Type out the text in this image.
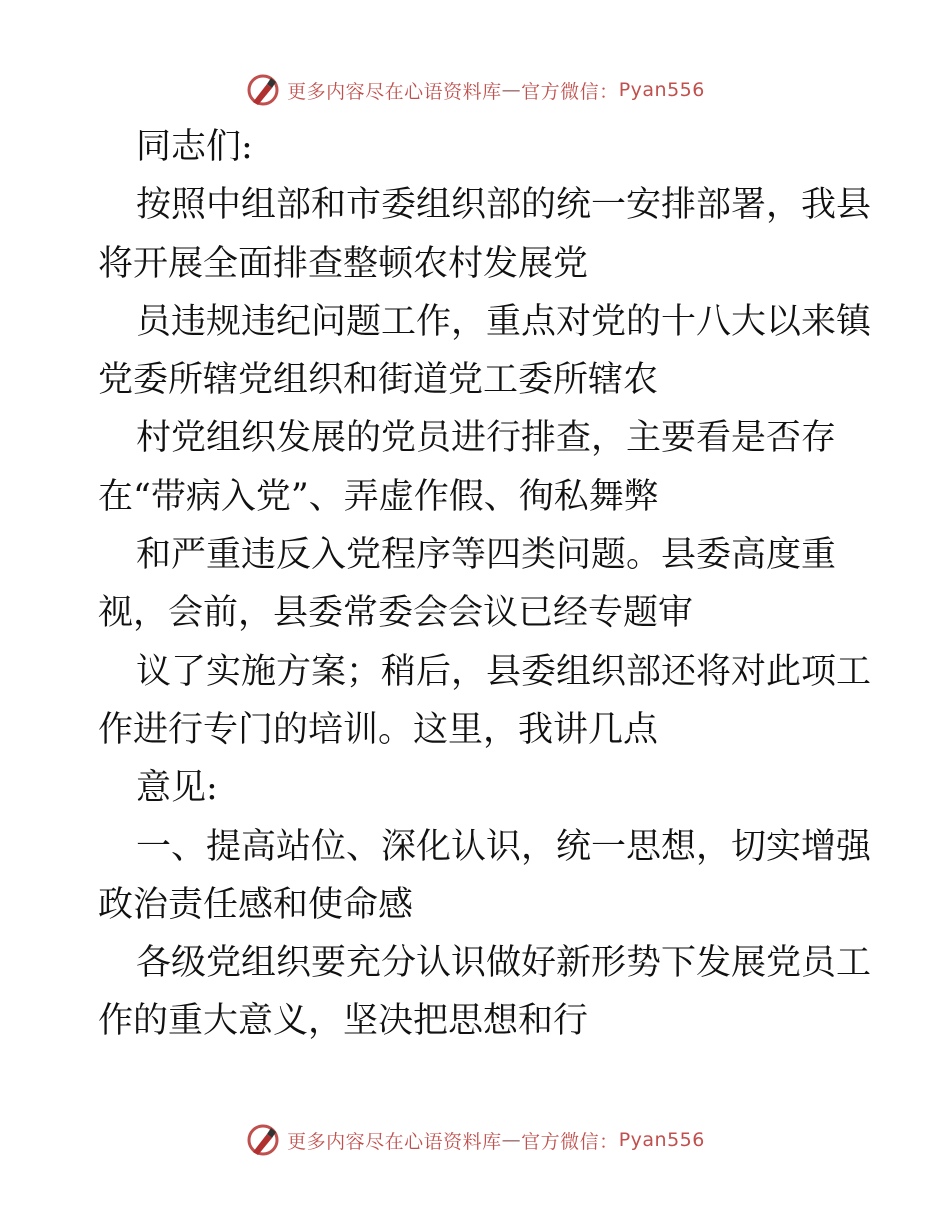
更多内容尽在心语资料库 — 官方微信： Pyan556
同志们:
按照中组部和市委组织部的统一安排部署，我县
将开展全面排查整顿农村发展党
员违规违纪问题工作，重点对党的十八大以来镇
党委所辖党组织和街道党工委所辖农
村党组织发展的党员进行排查，主要看是否存
在“带病入党”、弄虚作假、徇私舞弊
和严重违反入党程序等四类问题。县委高度重
视，会前，县委常委会会议已经专题审
议了实施方案；稍后，县委组织部还将对此项工
作进行专门的培训。这里，我讲几点
意见:
一、提高站位、深化认识，统一思想，切实增强
政治责任感和使命感
各级党组织要充分认识做好新形势下发展党员工
作的重大意义，坚决把思想和行
更多内容尽在心语资料库 — 官方微信： Pyan556
